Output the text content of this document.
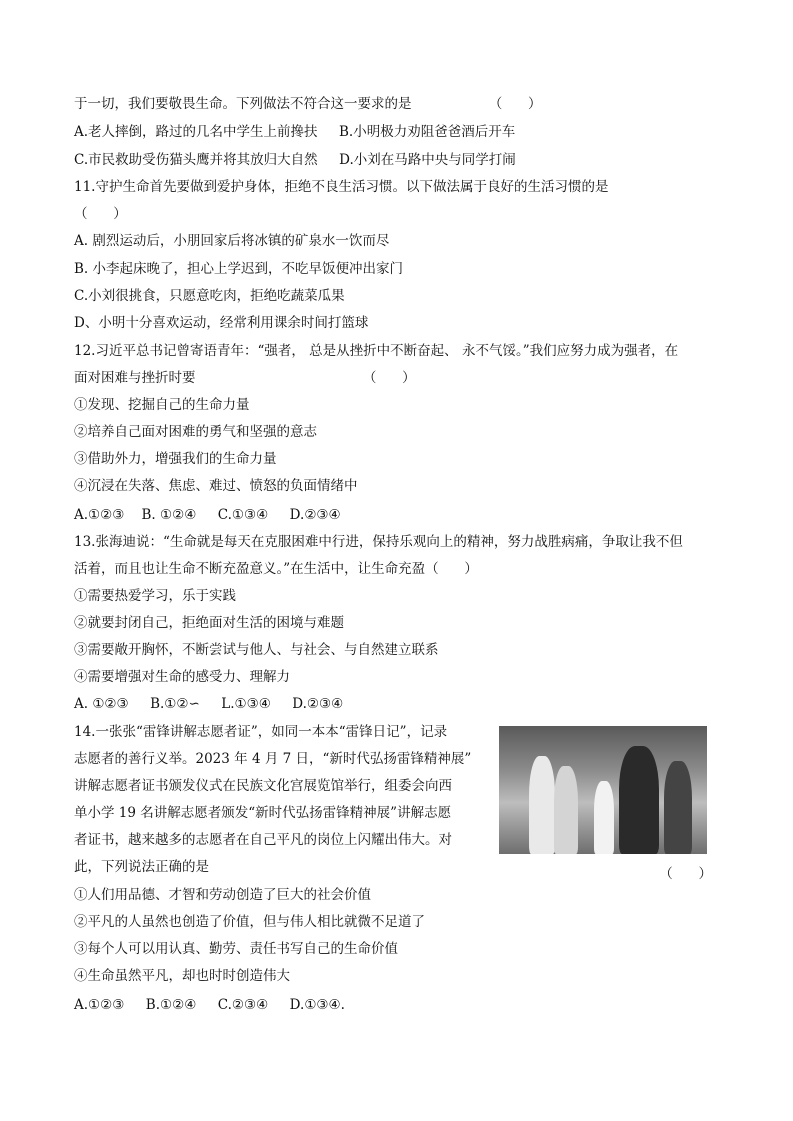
于一切，我们要敬畏生命。下列做法不符合这一要求的是                  （      ）
A.老人摔倒，路过的几名中学生上前搀扶     B.小明极力劝阻爸爸酒后开车
C.市民救助受伤猫头鹰并将其放归大自然     D.小刘在马路中央与同学打闹
11.守护生命首先要做到爱护身体，拒绝不良生活习惯。以下做法属于良好的生活习惯的是
（      ）
A. 剧烈运动后，小朋回家后将冰镇的矿泉水一饮而尽
B. 小李起床晚了，担心上学迟到，不吃早饭便冲出家门
C.小刘很挑食，只愿意吃肉，拒绝吃蔬菜瓜果
D、小明十分喜欢运动，经常利用课余时间打篮球
12.习近平总书记曾寄语青年：“强者， 总是从挫折中不断奋起、 永不气馁。”我们应努力成为强者，在
面对困难与挫折时要                                       （      ）
①发现、挖掘自己的生命力量
②培养自己面对困难的勇气和坚强的意志
③借助外力，增强我们的生命力量
④沉浸在失落、焦虑、难过、愤怒的负面情绪中
A.①②③    B. ①②④     C.①③④     D.②③④
13.张海迪说：“生命就是每天在克服困难中行进，保持乐观向上的精神，努力战胜病痛，争取让我不但
活着，而且也让生命不断充盈意义。”在生活中，让生命充盈（      ）
①需要热爱学习，乐于实践
②就要封闭自己，拒绝面对生活的困境与难题
③需要敞开胸怀，不断尝试与他人、与社会、与自然建立联系
④需要增强对生命的感受力、理解力
A. ①②③     B.①②∽     L.①③④     D.②③④
14.一张张“雷锋讲解志愿者证”，如同一本本“雷锋日记”，记录
志愿者的善行义举。2023 年 4 月 7 日，“新时代弘扬雷锋精神展”
讲解志愿者证书颁发仪式在民族文化宫展览馆举行，组委会向西
单小学 19 名讲解志愿者颁发“新时代弘扬雷锋精神展”讲解志愿
者证书，越来越多的志愿者在自己平凡的岗位上闪耀出伟大。对
此，下列说法正确的是	（      ）
①人们用品德、才智和劳动创造了巨大的社会价值
②平凡的人虽然也创造了价值，但与伟人相比就微不足道了
③每个人可以用认真、勤劳、责任书写自己的生命价值
④生命虽然平凡，却也时时创造伟大
A.①②③     B.①②④     C.②③④     D.①③④.
